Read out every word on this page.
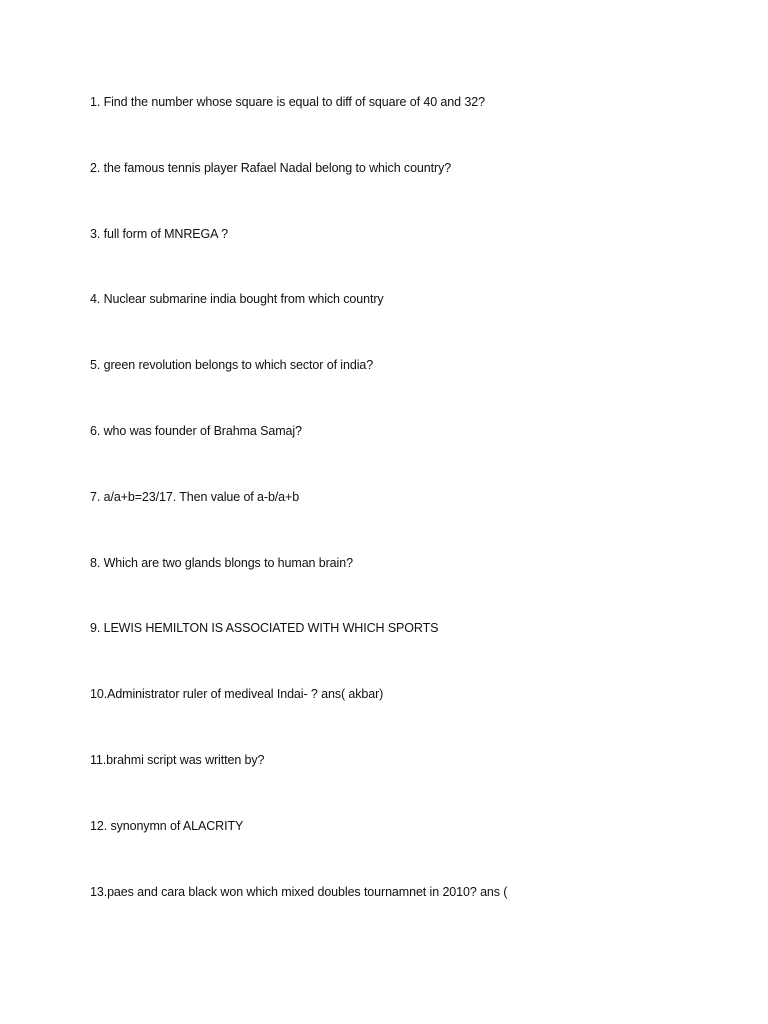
1. Find the number whose square is equal to diff of square of 40 and 32?
2. the famous tennis player Rafael Nadal belong to which country?
3. full form of MNREGA ?
4. Nuclear submarine india bought from which country
5. green revolution belongs to which sector of india?
6. who was founder of Brahma Samaj?
7. a/a+b=23/17. Then value of a-b/a+b
8. Which are two glands blongs to human brain?
9. LEWIS HEMILTON IS ASSOCIATED WITH WHICH SPORTS
10.Administrator ruler of mediveal Indai- ? ans( akbar)
11.brahmi script was written by?
12. synonymn of ALACRITY
13.paes and cara black won which mixed doubles tournamnet in 2010? ans (
